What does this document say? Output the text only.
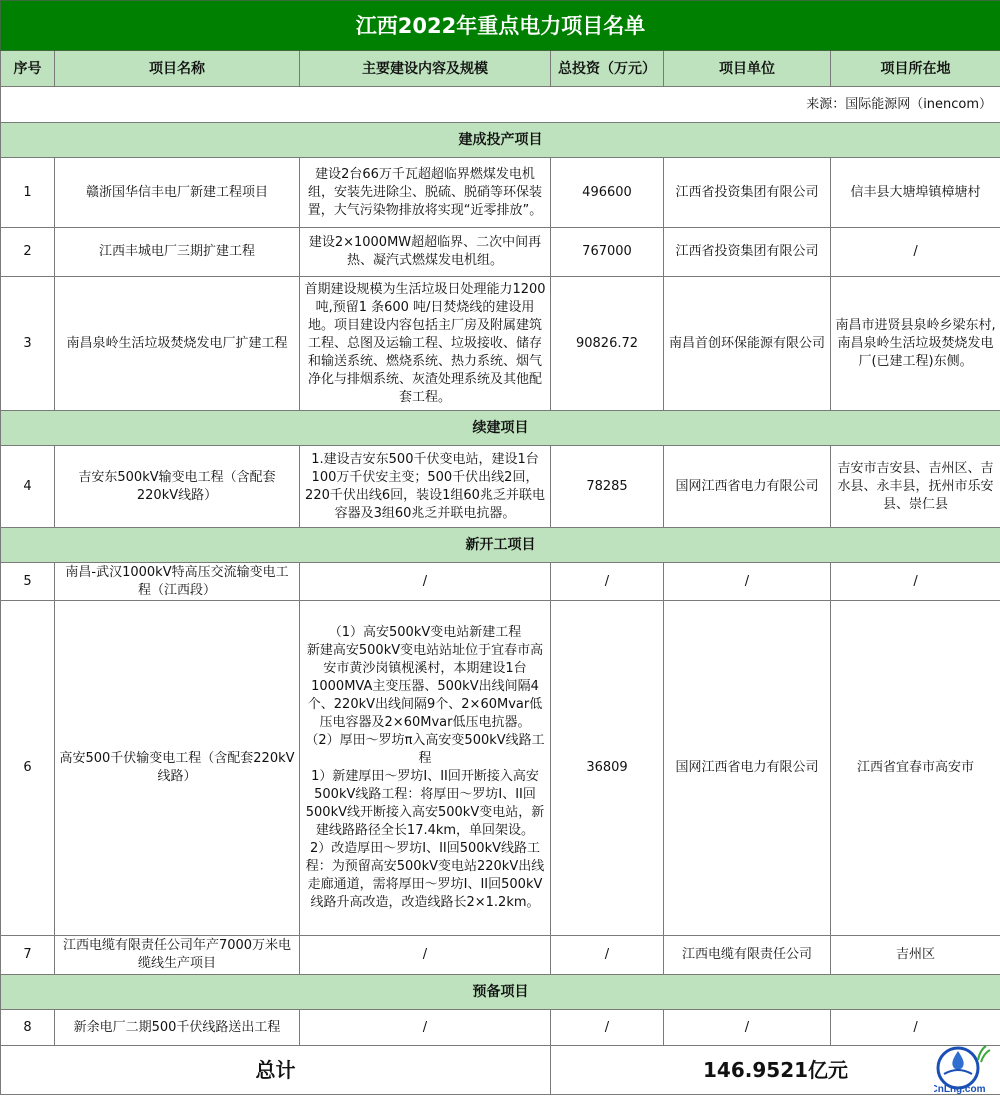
江西2022年重点电力项目名单					
序号	项目名称	主要建设内容及规模	总投资（万元）	项目单位	项目所在地
来源：国际能源网（inencom）					
建成投产项目					
1	赣浙国华信丰电厂新建工程项目	建设2台66万千瓦超超临界燃煤发电机组，安装先进除尘、脱硫、脱硝等环保装置，大气污染物排放将实现“近零排放”。	496600	江西省投资集团有限公司	信丰县大塘埠镇樟塘村
2	江西丰城电厂三期扩建工程	建设2×1000MW超超临界、二次中间再热、凝汽式燃煤发电机组。	767000	江西省投资集团有限公司	/
3	南昌泉岭生活垃圾焚烧发电厂扩建工程	首期建设规模为生活垃圾日处理能力1200吨,预留1 条600 吨/日焚烧线的建设用地。项目建设内容包括主厂房及附属建筑工程、总图及运输工程、垃圾接收、储存和输送系统、燃烧系统、热力系统、烟气净化与排烟系统、灰渣处理系统及其他配套工程。	90826.72	南昌首创环保能源有限公司	南昌市进贤县泉岭乡梁东村,南昌泉岭生活垃圾焚烧发电厂(已建工程)东侧。
续建项目					
4	吉安东500kV输变电工程（含配套220kV线路）	1.建设吉安东500千伏变电站，建设1台100万千伏安主变；500千伏出线2回，220千伏出线6回，装设1组60兆乏并联电容器及3组60兆乏并联电抗器。	78285	国网江西省电力有限公司	吉安市吉安县、吉州区、吉水县、永丰县，抚州市乐安县、崇仁县
新开工项目					
5	南昌-武汉1000kV特高压交流输变电工程（江西段）	/	/	/	/
6	高安500千伏输变电工程（含配套220kV线路）	（1）高安500kV变电站新建工程
新建高安500kV变电站站址位于宜春市高安市黄沙岗镇枧溪村，本期建设1台1000MVA主变压器、500kV出线间隔4个、220kV出线间隔9个、2×60Mvar低压电容器及2×60Mvar低压电抗器。
（2）厚田～罗坊π入高安变500kV线路工程
1）新建厚田～罗坊I、II回开断接入高安500kV线路工程：将厚田～罗坊I、II回500kV线开断接入高安500kV变电站，新建线路路径全长17.4km，单回架设。
2）改造厚田～罗坊I、II回500kV线路工程：为预留高安500kV变电站220kV出线走廊通道，需将厚田～罗坊I、II回500kV线路升高改造，改造线路长2×1.2km。	36809	国网江西省电力有限公司	江西省宜春市高安市
7	江西电缆有限责任公司年产7000万米电缆线生产项目	/	/	江西电缆有限责任公司	吉州区
预备项目					
8	新余电厂二期500千伏线路送出工程	/	/	/	/
总计			146.9521亿元		
CnLng.com
